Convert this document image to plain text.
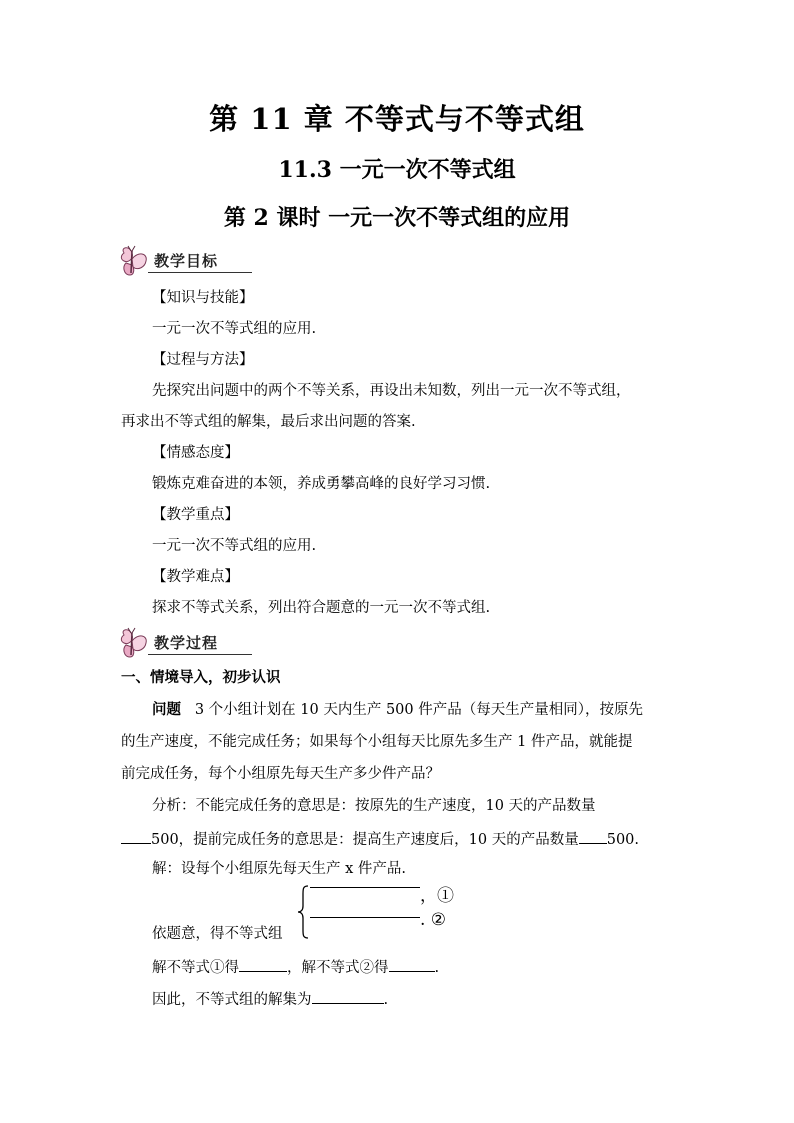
第 11 章 不等式与不等式组
11.3 一元一次不等式组
第 2 课时 一元一次不等式组的应用
教学目标
【知识与技能】
一元一次不等式组的应用.
【过程与方法】
先探究出问题中的两个不等关系，再设出未知数，列出一元一次不等式组，
再求出不等式组的解集，最后求出问题的答案.
【情感态度】
锻炼克难奋进的本领，养成勇攀高峰的良好学习习惯.
【教学重点】
一元一次不等式组的应用.
【教学难点】
探求不等式关系，列出符合题意的一元一次不等式组.
教学过程
一、情境导入，初步认识
问题 3 个小组计划在 10 天内生产 500 件产品（每天生产量相同），按原先
的生产速度，不能完成任务；如果每个小组每天比原先多生产 1 件产品，就能提
前完成任务，每个小组原先每天生产多少件产品？
分析：不能完成任务的意思是：按原先的生产速度，10 天的产品数量
500，提前完成任务的意思是：提高生产速度后，10 天的产品数量 500.
解：设每个小组原先每天生产 x 件产品.
，①
. ②
依题意，得不等式组
解不等式①得	，解不等式②得	.
因此，不等式组的解集为	.
